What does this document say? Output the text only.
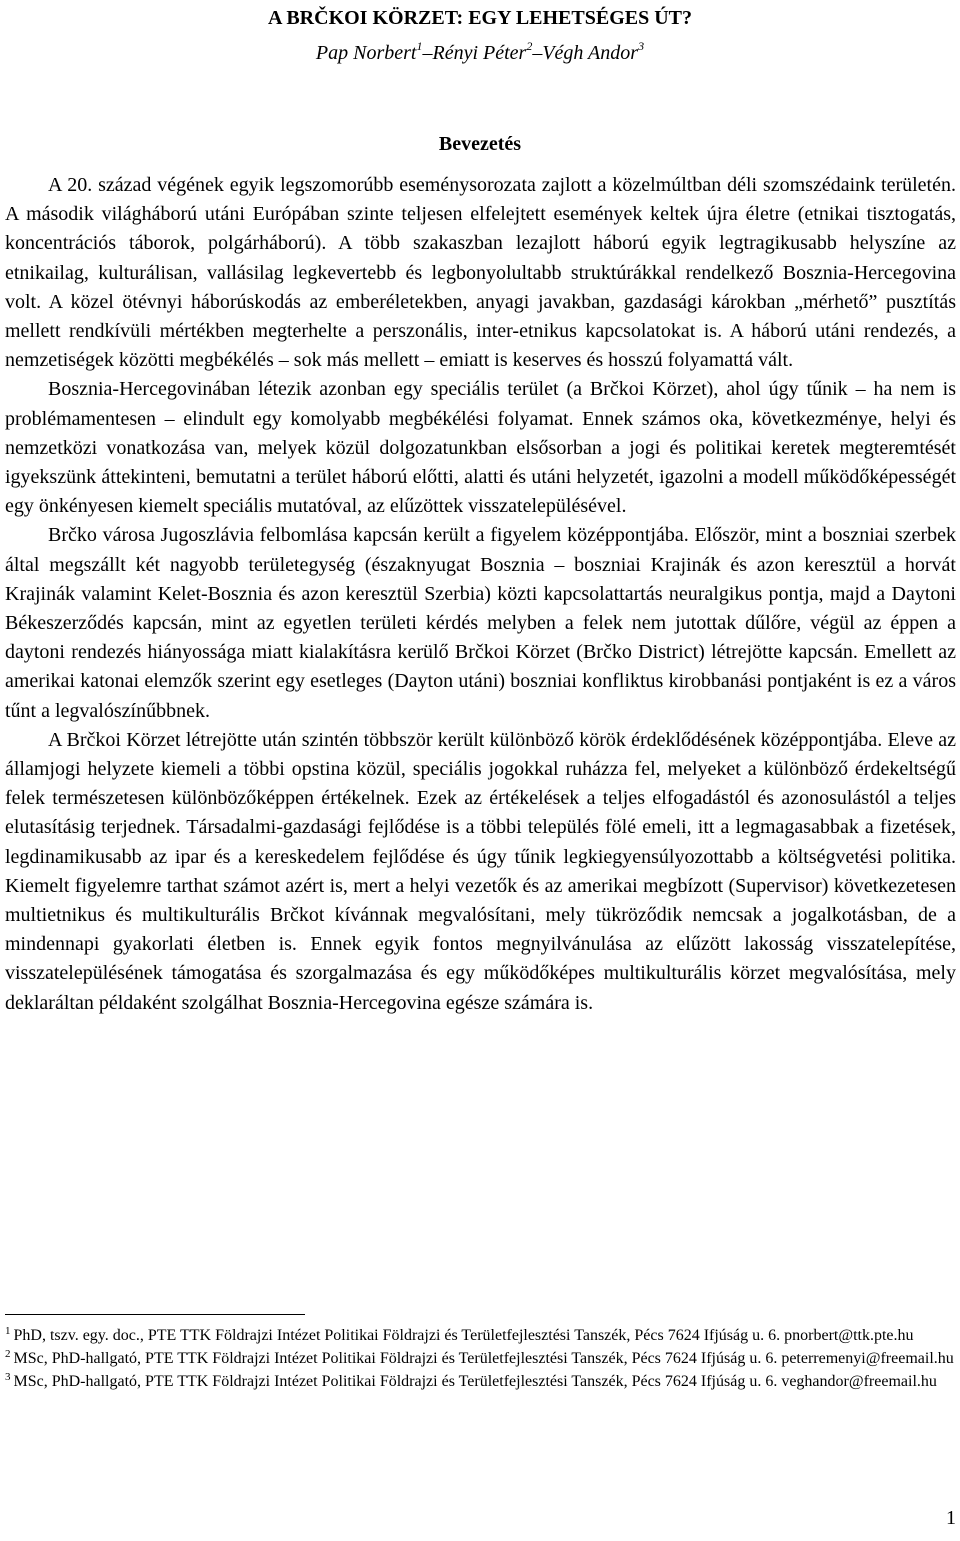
A BRČKOI KÖRZET: EGY LEHETSÉGES ÚT?
Pap Norbert$^1$–Rényi Péter$^2$–Végh Andor$^3$
Bevezetés

A 20. század végének egyik legszomorúbb eseménysorozata zajlott a közelmúltban déli szomszédaink területén. A második világháború utáni Európában szinte teljesen elfelejtett események keltek újra életre (etnikai tisztogatás, koncentrációs táborok, polgárháború). A több szakaszban lezajlott háború egyik legtragikusabb helyszíne az etnikailag, kulturálisan, vallásilag legkevertebb és legbonyolultabb struktúrákkal rendelkező Bosznia-Hercegovina volt. A közel ötévnyi háborúskodás az emberéletekben, anyagi javakban, gazdasági károkban „mérhető” pusztítás mellett rendkívüli mértékben megterhelte a perszonális, inter-etnikus kapcsolatokat is. A háború utáni rendezés, a nemzetiségek közötti megbékélés – sok más mellett – emiatt is keserves és hosszú folyamattá vált.

Bosznia-Hercegovinában létezik azonban egy speciális terület (a Brčkoi Körzet), ahol úgy tűnik – ha nem is problémamentesen – elindult egy komolyabb megbékélési folyamat. Ennek számos oka, következménye, helyi és nemzetközi vonatkozása van, melyek közül dolgozatunkban elsősorban a jogi és politikai keretek megteremtését igyekszünk áttekinteni, bemutatni a terület háború előtti, alatti és utáni helyzetét, igazolni a modell működőképességét egy önkényesen kiemelt speciális mutatóval, az elűzöttek visszatelepülésével.

Brčko városa Jugoszlávia felbomlása kapcsán került a figyelem középpontjába. Először, mint a boszniai szerbek által megszállt két nagyobb területegység (északnyugat Bosznia – boszniai Krajinák és azon keresztül a horvát Krajinák valamint Kelet-Bosznia és azon keresztül Szerbia) közti kapcsolattartás neuralgikus pontja, majd a Daytoni Békeszerződés kapcsán, mint az egyetlen területi kérdés melyben a felek nem jutottak dűlőre, végül az éppen a daytoni rendezés hiányossága miatt kialakításra kerülő Brčkoi Körzet (Brčko District) létrejötte kapcsán. Emellett az amerikai katonai elemzők szerint egy esetleges (Dayton utáni) boszniai konfliktus kirobbanási pontjaként is ez a város tűnt a legvalószínűbbnek.

A Brčkoi Körzet létrejötte után szintén többször került különböző körök érdeklődésének középpontjába. Eleve az államjogi helyzete kiemeli a többi opstina közül, speciális jogokkal ruházza fel, melyeket a különböző érdekeltségű felek természetesen különbözőképpen értékelnek. Ezek az értékelések a teljes elfogadástól és azonosulástól a teljes elutasításig terjednek. Társadalmi-gazdasági fejlődése is a többi település fölé emeli, itt a legmagasabbak a fizetések, legdinamikusabb az ipar és a kereskedelem fejlődése és úgy tűnik legkiegyensúlyozottabb a költségvetési politika. Kiemelt figyelemre tarthat számot azért is, mert a helyi vezetők és az amerikai megbízott (Supervisor) következetesen multietnikus és multikulturális Brčkot kívánnak megvalósítani, mely tükröződik nemcsak a jogalkotásban, de a mindennapi gyakorlati életben is. Ennek egyik fontos megnyilvánulása az elűzött lakosság visszatelepítése, visszatelepülésének támogatása és szorgalmazása és egy működőképes multikulturális körzet megvalósítása, mely deklaráltan példaként szolgálhat Bosznia-Hercegovina egésze számára is.

$^1$ PhD, tszv. egy. doc., PTE TTK Földrajzi Intézet Politikai Földrajzi és Területfejlesztési Tanszék, Pécs 7624 Ifjúság u. 6. pnorbert@ttk.pte.hu

$^2$ MSc, PhD-hallgató, PTE TTK Földrajzi Intézet Politikai Földrajzi és Területfejlesztési Tanszék, Pécs 7624 Ifjúság u. 6. peterremenyi@freemail.hu

$^3$ MSc, PhD-hallgató, PTE TTK Földrajzi Intézet Politikai Földrajzi és Területfejlesztési Tanszék, Pécs 7624 Ifjúság u. 6. veghandor@freemail.hu

1
